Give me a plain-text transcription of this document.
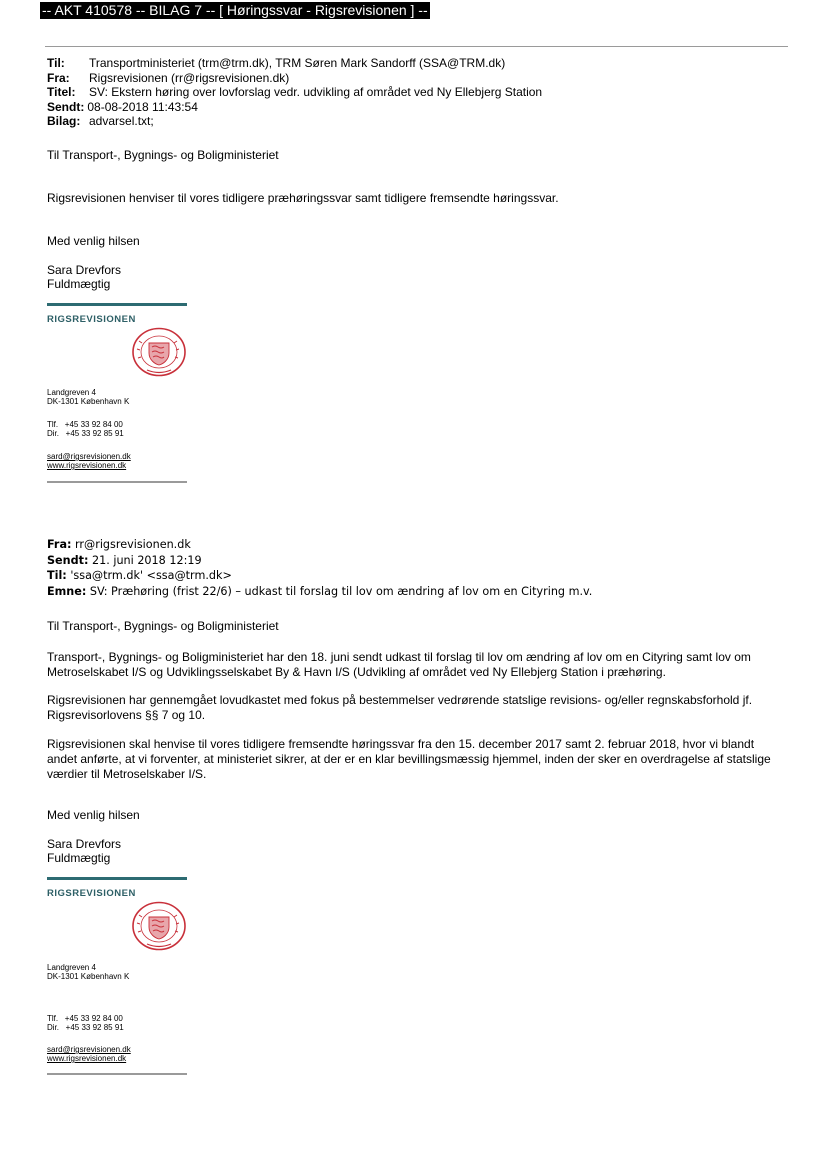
-- AKT 410578 -- BILAG 7 -- [ Høringssvar - Rigsrevisionen ] --
Til: Transportministeriet (trm@trm.dk), TRM Søren Mark Sandorff (SSA@TRM.dk)
Fra: Rigsrevisionen (rr@rigsrevisionen.dk)
Titel: SV: Ekstern høring over lovforslag vedr. udvikling af området ved Ny Ellebjerg Station
Sendt: 08-08-2018 11:43:54
Bilag: advarsel.txt;
Til Transport-, Bygnings- og Boligministeriet
Rigsrevisionen henviser til vores tidligere præhøringssvar samt tidligere fremsendte høringssvar.
Med venlig hilsen
Sara Drevfors
Fuldmægtig
RIGSREVISIONEN
Landgreven 4
DK-1301 København K
Tlf. +45 33 92 84 00
Dir. +45 33 92 85 91
sard@rigsrevisionen.dk
www.rigsrevisionen.dk
Fra: rr@rigsrevisionen.dk
Sendt: 21. juni 2018 12:19
Til: 'ssa@trm.dk' <ssa@trm.dk>
Emne: SV: Præhøring (frist 22/6) – udkast til forslag til lov om ændring af lov om en Cityring m.v.
Til Transport-, Bygnings- og Boligministeriet
Transport-, Bygnings- og Boligministeriet har den 18. juni sendt udkast til forslag til lov om ændring af lov om en Cityring samt lov om Metroselskabet I/S og Udviklingsselskabet By & Havn I/S (Udvikling af området ved Ny Ellebjerg Station i præhøring.
Rigsrevisionen har gennemgået lovudkastet med fokus på bestemmelser vedrørende statslige revisions- og/eller regnskabsforhold jf. Rigsrevisorlovens §§ 7 og 10.
Rigsrevisionen skal henvise til vores tidligere fremsendte høringssvar fra den 15. december 2017 samt 2. februar 2018, hvor vi blandt andet anførte, at vi forventer, at ministeriet sikrer, at der er en klar bevillingsmæssig hjemmel, inden der sker en overdragelse af statslige værdier til Metroselskaber I/S.
Med venlig hilsen
Sara Drevfors
Fuldmægtig
RIGSREVISIONEN
Landgreven 4
DK-1301 København K
Tlf. +45 33 92 84 00
Dir. +45 33 92 85 91
sard@rigsrevisionen.dk
www.rigsrevisionen.dk
